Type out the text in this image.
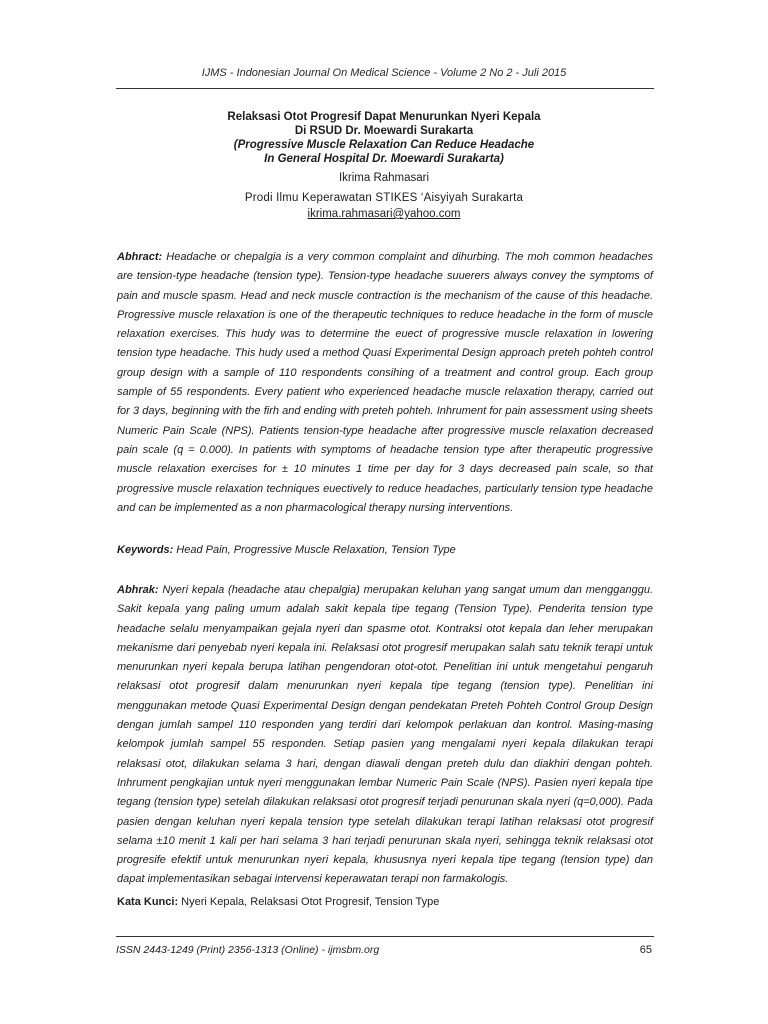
IJMS - Indonesian Journal On Medical Science - Volume 2 No 2 - Juli 2015
Relaksasi Otot Progresif Dapat Menurunkan Nyeri Kepala
Di RSUD Dr. Moewardi Surakarta
(Progressive Muscle Relaxation Can Reduce Headache
In General Hospital Dr. Moewardi Surakarta)
Ikrima Rahmasari
Prodi Ilmu Keperawatan STIKES ‘Aisyiyah Surakarta
ikrima.rahmasari@yahoo.com
Abhract: Headache or chepalgia is a very common complaint and dihurbing. The moh common headaches are tension-type headache (tension type). Tension-type headache suuerers always convey the symptoms of pain and muscle spasm. Head and neck muscle contraction is the mechanism of the cause of this headache. Progressive muscle relaxation is one of the therapeutic techniques to reduce headache in the form of muscle relaxation exercises. This hudy was to determine the euect of progressive muscle relaxation in lowering tension type headache. This hudy used a method Quasi Experimental Design approach preteh pohteh control group design with a sample of 110 respondents consihing of a treatment and control group. Each group sample of 55 respondents. Every patient who experienced headache muscle relaxation therapy, carried out for 3 days, beginning with the firh and ending with preteh pohteh. Inhrument for pain assessment using sheets Numeric Pain Scale (NPS). Patients tension-type headache after progressive muscle relaxation decreased pain scale (q = 0.000). In patients with symptoms of headache tension type after therapeutic progressive muscle relaxation exercises for ± 10 minutes 1 time per day for 3 days decreased pain scale, so that progressive muscle relaxation techniques euectively to reduce headaches, particularly tension type headache and can be implemented as a non pharmacological therapy nursing interventions.
Keywords: Head Pain, Progressive Muscle Relaxation, Tension Type
Abhrak: Nyeri kepala (headache atau chepalgia) merupakan keluhan yang sangat umum dan mengganggu. Sakit kepala yang paling umum adalah sakit kepala tipe tegang (Tension Type). Penderita tension type headache selalu menyampaikan gejala nyeri dan spasme otot. Kontraksi otot kepala dan leher merupakan mekanisme dari penyebab nyeri kepala ini. Relaksasi otot progresif merupakan salah satu teknik terapi untuk menurunkan nyeri kepala berupa latihan pengendoran otot-otot. Penelitian ini untuk mengetahui pengaruh relaksasi otot progresif dalam menurunkan nyeri kepala tipe tegang (tension type). Penelitian ini menggunakan metode Quasi Experimental Design dengan pendekatan Preteh Pohteh Control Group Design dengan jumlah sampel 110 responden yang terdiri dari kelompok perlakuan dan kontrol. Masing-masing kelompok jumlah sampel 55 responden. Setiap pasien yang mengalami nyeri kepala dilakukan terapi relaksasi otot, dilakukan selama 3 hari, dengan diawali dengan preteh dulu dan diakhiri dengan pohteh. Inhrument pengkajian untuk nyeri menggunakan lembar Numeric Pain Scale (NPS). Pasien nyeri kepala tipe tegang (tension type) setelah dilakukan relaksasi otot progresif terjadi penurunan skala nyeri (q=0,000). Pada pasien dengan keluhan nyeri kepala tension type setelah dilakukan terapi latihan relaksasi otot progresif selama ±10 menit 1 kali per hari selama 3 hari terjadi penurunan skala nyeri, sehingga teknik relaksasi otot progresife efektif untuk menurunkan nyeri kepala, khususnya nyeri kepala tipe tegang (tension type) dan dapat implementasikan sebagai intervensi keperawatan terapi non farmakologis.
Kata Kunci: Nyeri Kepala, Relaksasi Otot Progresif, Tension Type
ISSN 2443-1249 (Print) 2356-1313 (Online) - ijmsbm.org	65
